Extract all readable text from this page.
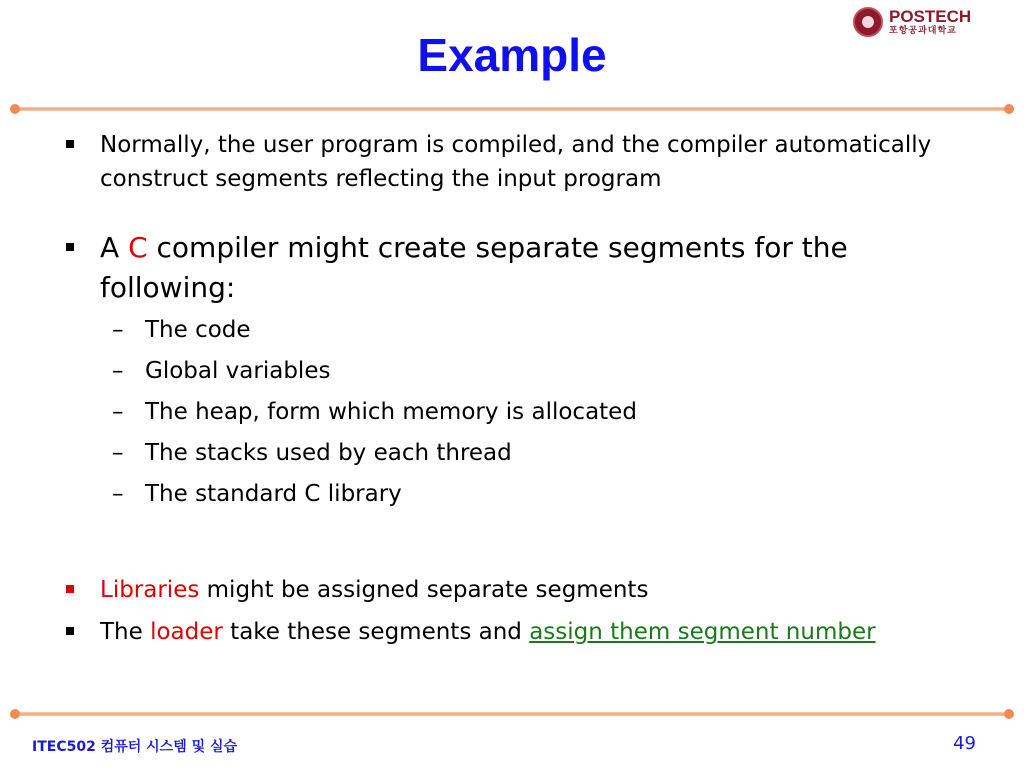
Example
POSTECH
포항공과대학교
Normally, the user program is compiled, and the compiler automatically construct segments reflecting the input program
A C compiler might create separate segments for the following:
– The code
– Global variables
– The heap, form which memory is allocated
– The stacks used by each thread
– The standard C library
Libraries might be assigned separate segments
The loader take these segments and assign them segment number
ITEC502 컴퓨터 시스템 및 실습	49
